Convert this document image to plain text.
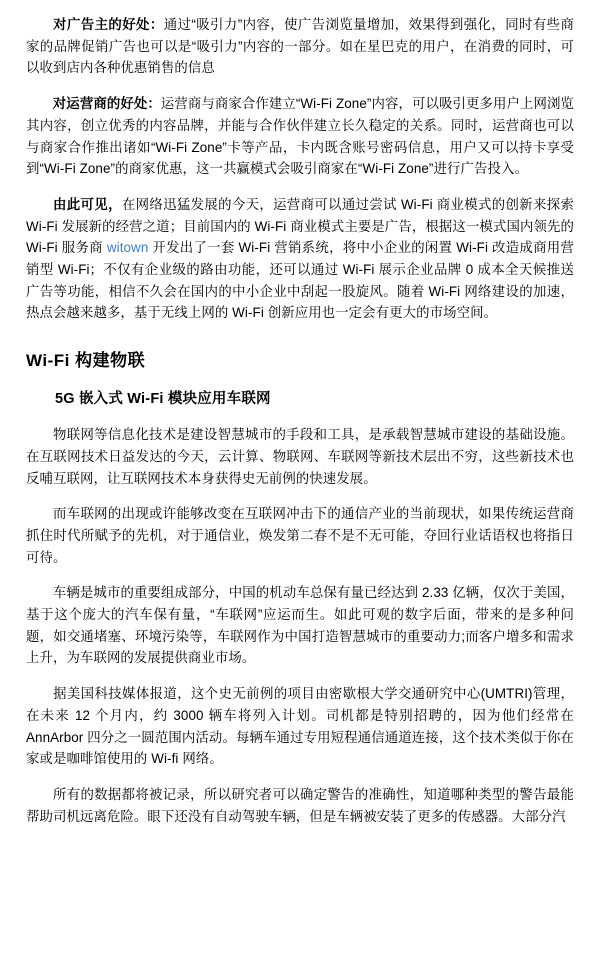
对广告主的好处：通过“吸引力”内容，使广告浏览量增加，效果得到强化，同时有些商家的品牌促销广告也可以是“吸引力”内容的一部分。如在星巴克的用户，在消费的同时，可以收到店内各种优惠销售的信息

对运营商的好处：运营商与商家合作建立“Wi-Fi Zone”内容，可以吸引更多用户上网浏览其内容，创立优秀的内容品牌，并能与合作伙伴建立长久稳定的关系。同时，运营商也可以与商家合作推出诸如“Wi-Fi Zone”卡等产品，卡内既含账号密码信息，用户又可以持卡享受到“Wi-Fi Zone”的商家优惠，这一共赢模式会吸引商家在“Wi-Fi Zone”进行广告投入。

由此可见，在网络迅猛发展的今天，运营商可以通过尝试 Wi-Fi 商业模式的创新来探索 Wi-Fi 发展新的经营之道；目前国内的 Wi-Fi 商业模式主要是广告，根据这一模式国内领先的 Wi-Fi 服务商 witown 开发出了一套 Wi-Fi 营销系统，将中小企业的闲置 Wi-Fi 改造成商用营销型 Wi-Fi；不仅有企业级的路由功能，还可以通过 Wi-Fi 展示企业品牌 0 成本全天候推送广告等功能，相信不久会在国内的中小企业中刮起一股旋风。随着 Wi-Fi 网络建设的加速，热点会越来越多，基于无线上网的 Wi-Fi 创新应用也一定会有更大的市场空间。

Wi-Fi 构建物联
5G 嵌入式 Wi-Fi 模块应用车联网

物联网等信息化技术是建设智慧城市的手段和工具，是承载智慧城市建设的基础设施。在互联网技术日益发达的今天，云计算、物联网、车联网等新技术层出不穷，这些新技术也反哺互联网，让互联网技术本身获得史无前例的快速发展。

而车联网的出现或许能够改变在互联网冲击下的通信产业的当前现状，如果传统运营商抓住时代所赋予的先机，对于通信业，焕发第二春不是不无可能，夺回行业话语权也将指日可待。

车辆是城市的重要组成部分，中国的机动车总保有量已经达到 2.33 亿辆，仅次于美国，基于这个庞大的汽车保有量，“车联网”应运而生。如此可观的数字后面，带来的是多种问题，如交通堵塞、环境污染等，车联网作为中国打造智慧城市的重要动力;而客户增多和需求上升，为车联网的发展提供商业市场。

据美国科技媒体报道，这个史无前例的项目由密歇根大学交通研究中心(UMTRI)管理，在未来 12 个月内，约 3000 辆车将列入计划。司机都是特别招聘的，因为他们经常在 AnnArbor 四分之一圆范围内活动。每辆车通过专用短程通信通道连接，这个技术类似于你在家或是咖啡馆使用的 Wi-fi 网络。

所有的数据都将被记录，所以研究者可以确定警告的准确性，知道哪种类型的警告最能帮助司机远离危险。眼下还没有自动驾驶车辆，但是车辆被安装了更多的传感器。大部分汽
